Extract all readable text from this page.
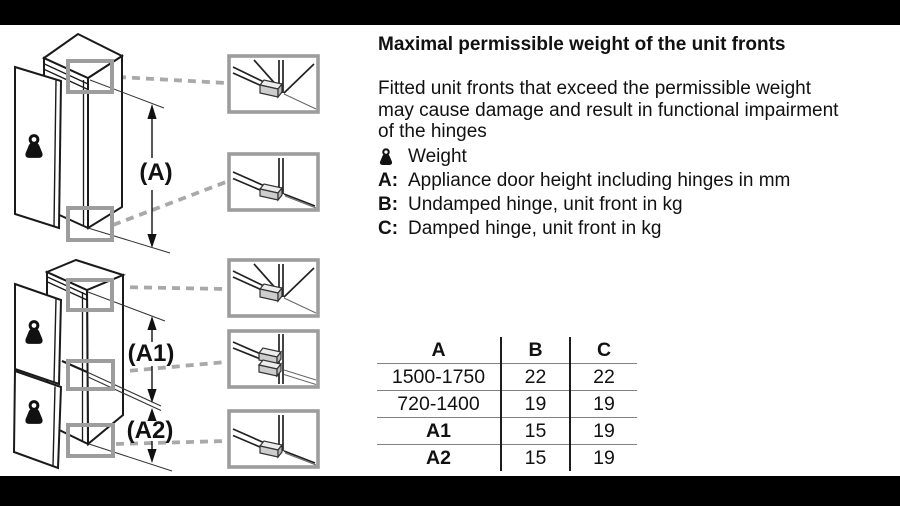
(A)
(A1)
(A2)
Maximal permissible weight of the unit fronts
Fitted unit fronts that exceed the permissible weight
may cause damage and result in functional impairment
of the hinges
Weight
A: Appliance door height including hinges in mm
B: Undamped hinge, unit front in kg
C: Damped hinge, unit front in kg
A	B	C
1500-1750	22	22
720-1400	19	19
A1	15	19
A2	15	19
